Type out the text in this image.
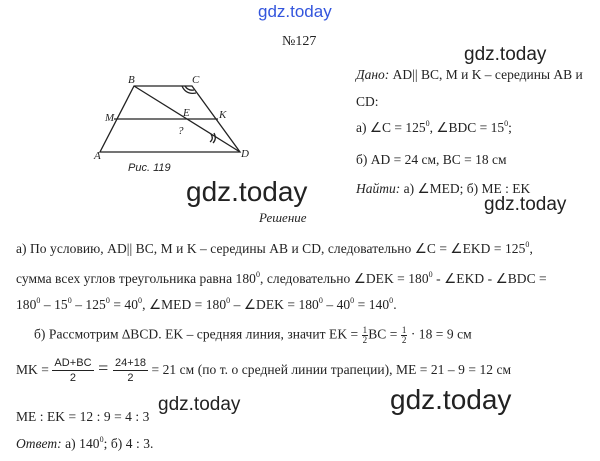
gdz.today
gdz.today
gdz.today	gdz.today
gdz.today	gdz.today
№127
B	C
M	E	K
A	D
?
Рис. 119
Дано: AD|| BC, M и K – середины AB и
CD:
а) ∠C = $125^0$, ∠BDC = $15^0$;
б) AD = 24 см, BC = 18 см
Найти: а) ∠MED; б) ME : EK
Решение
а) По условию, AD|| BC, M и K – середины AB и CD, следовательно ∠C = ∠EKD = $125^0$,
сумма всех углов треугольника равна $180^0$, следовательно ∠DEK = $180^0$ - ∠EKD - ∠BDC =
$180^0 - 15^0 - 125^0 = 40^0$, ∠MED = $180^0$ – ∠DEK = $180^0 - 40^0 = 140^0$.
б) Рассмотрим ∆BCD. EK – средняя линия, значит EK = $\frac{1}{2}$ BC = $\frac{1}{2} \cdot 18 = 9$ см
MK = $\frac{AD+BC}{2} = \frac{24+18}{2} = 21$ см (по т. о средней линии трапеции), ME = 21 – 9 = 12 см
ME : EK = 12 : 9 = 4 : 3
Ответ: а) $140^0$; б) 4 : 3.
